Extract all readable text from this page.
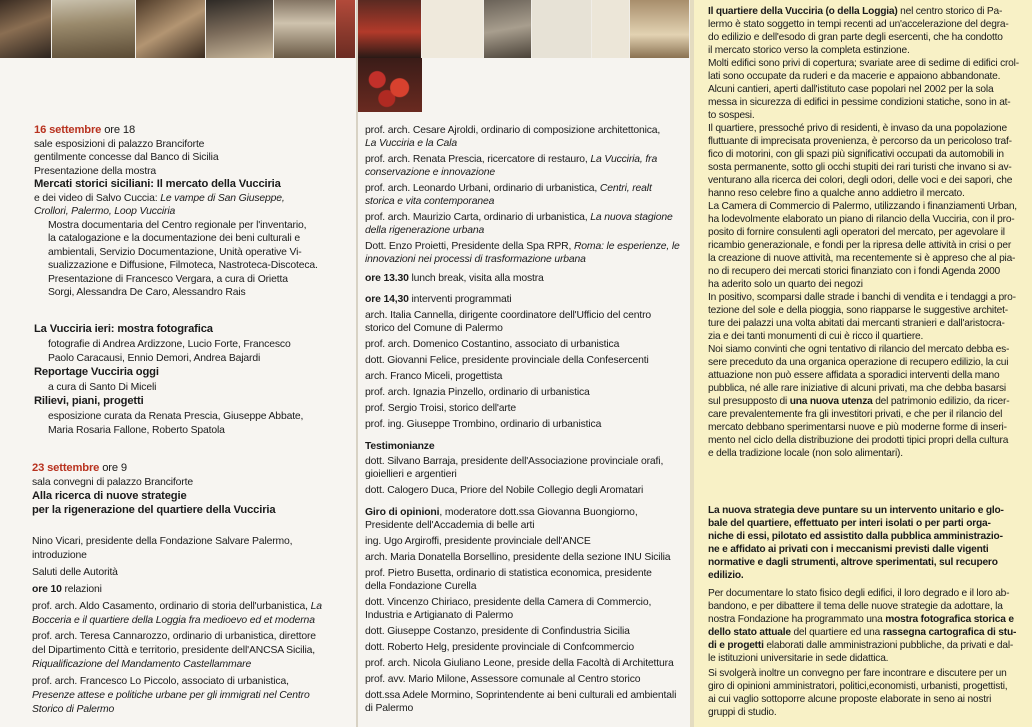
16 settembre ore 18
sale esposizioni di palazzo Branciforte
gentilmente concesse dal Banco di Sicilia
Presentazione della mostra
Mercati storici siciliani: Il mercato della Vucciria
e dei video di Salvo Cuccia: Le vampe di San Giuseppe,
Crollori, Palermo, Loop Vucciria
Mostra documentaria del Centro regionale per l'inventario,
la catalogazione e la documentazione dei beni culturali e
ambientali, Servizio Documentazione, Unità operative Vi-
sualizzazione e Diffusione, Filmoteca, Nastroteca-Discoteca.
Presentazione di Francesco Vergara, a cura di Orietta
Sorgi, Alessandra De Caro, Alessandro Rais
La Vucciria ieri: mostra fotografica
fotografie di Andrea Ardizzone, Lucio Forte, Francesco
Paolo Caracausi, Ennio Demori, Andrea Bajardi
Reportage Vucciria oggi
a cura di Santo Di Miceli
Rilievi, piani, progetti
esposizione curata da Renata Prescia, Giuseppe Abbate,
Maria Rosaria Fallone, Roberto Spatola
23 settembre ore 9
sala convegni di palazzo Branciforte
Alla ricerca di nuove strategie
per la rigenerazione del quartiere della Vucciria
Nino Vicari, presidente della Fondazione Salvare Palermo,
introduzione
Saluti delle Autorità
ore 10 relazioni
prof. arch. Aldo Casamento, ordinario di storia dell'urbanistica, La
Bocceria e il quartiere della Loggia fra medioevo ed et moderna
prof. arch. Teresa Cannarozzo, ordinario di urbanistica, direttore
del Dipartimento Città e territorio, presidente dell'ANCSA Sicilia,
Riqualificazione del Mandamento Castellammare
prof. arch. Francesco Lo Piccolo, associato di urbanistica,
Presenze attese e politiche urbane per gli immigrati nel Centro
Storico di Palermo
prof. arch. Cesare Ajroldi, ordinario di composizione architettonica,
La Vucciria e la Cala
prof. arch. Renata Prescia, ricercatore di restauro, La Vucciria, fra
conservazione e innovazione
prof. arch. Leonardo Urbani, ordinario di urbanistica, Centri, realt
storica e vita contemporanea
prof. arch. Maurizio Carta, ordinario di urbanistica, La nuova stagione
della rigenerazione urbana
Dott. Enzo Proietti, Presidente della Spa RPR, Roma: le esperienze, le
innovazioni nei processi di trasformazione urbana
ore 13.30 lunch break, visita alla mostra
ore 14,30 interventi programmati
arch. Italia Cannella, dirigente coordinatore dell'Ufficio del centro
storico del Comune di Palermo
prof. arch. Domenico Costantino, associato di urbanistica
dott. Giovanni Felice, presidente provinciale della Confesercenti
arch. Franco Miceli, progettista
prof. arch. Ignazia Pinzello, ordinario di urbanistica
prof. Sergio Troisi, storico dell'arte
prof. ing. Giuseppe Trombino, ordinario di urbanistica
Testimonianze
dott. Silvano Barraja, presidente dell'Associazione provinciale orafi,
gioiellieri e argentieri
dott. Calogero Duca, Priore del Nobile Collegio degli Aromatari
Giro di opinioni, moderatore dott.ssa Giovanna Buongiorno,
Presidente dell'Accademia di belle arti
ing. Ugo Argiroffi, presidente provinciale dell'ANCE
arch. Maria Donatella Borsellino, presidente della sezione INU Sicilia
prof. Pietro Busetta, ordinario di statistica economica, presidente
della Fondazione Curella
dott. Vincenzo Chiriaco, presidente della Camera di Commercio,
Industria e Artigianato di Palermo
dott. Giuseppe Costanzo, presidente di Confindustria Sicilia
dott. Roberto Helg, presidente provinciale di Confcommercio
prof. arch. Nicola Giuliano Leone, preside della Facoltà di Architettura
prof. avv. Mario Milone, Assessore comunale al Centro storico
dott.ssa Adele Mormino, Soprintendente ai beni culturali ed ambientali
di Palermo
Il quartiere della Vucciria (o della Loggia) nel centro storico di Pa-
lermo è stato soggetto in tempi recenti ad un'accelerazione del degra-
do edilizio e dell'esodo di gran parte degli esercenti, che ha condotto
il mercato storico verso la completa estinzione.
Molti edifici sono privi di copertura; svariate aree di sedime di edifici crol-
lati sono occupate da ruderi e da macerie e appaiono abbandonate.
Alcuni cantieri, aperti dall'istituto case popolari nel 2002 per la sola
messa in sicurezza di edifici in pessime condizioni statiche, sono in at-
to sospesi.
Il quartiere, pressoché privo di residenti, è invaso da una popolazione
fluttuante di imprecisata provenienza, è percorso da un pericoloso traf-
fico di motorini, con gli spazi più significativi occupati da automobili in
sosta permanente, sotto gli occhi stupiti dei rari turisti che invano si av-
venturano alla ricerca dei colori, degli odori, delle voci e dei sapori, che
hanno reso celebre fino a qualche anno addietro il mercato.
La Camera di Commercio di Palermo, utilizzando i finanziamenti Urban,
ha lodevolmente elaborato un piano di rilancio della Vucciria, con il pro-
posito di fornire consulenti agli operatori del mercato, per agevolare il
ricambio generazionale, e fondi per la ripresa delle attività in crisi o per
la creazione di nuove attività, ma recentemente si è appreso che al pia-
no di recupero dei mercati storici finanziato con i fondi Agenda 2000
ha aderito solo un quarto dei negozi
In positivo, scomparsi dalle strade i banchi di vendita e i tendaggi a pro-
tezione del sole e della pioggia, sono riapparse le suggestive architet-
ture dei palazzi una volta abitati dai mercanti stranieri e dall'aristocra-
zia e dei tanti monumenti di cui è ricco il quartiere.
Noi siamo convinti che ogni tentativo di rilancio del mercato debba es-
sere preceduto da una organica operazione di recupero edilizio, la cui
attuazione non può essere affidata a sporadici interventi della mano
pubblica, né alle rare iniziative di alcuni privati, ma che debba basarsi
sul presupposto di una nuova utenza del patrimonio edilizio, da ricer-
care prevalentemente fra gli investitori privati, e che per il rilancio del
mercato debbano sperimentarsi nuove e più moderne forme di inseri-
mento nel ciclo della distribuzione dei prodotti tipici propri della cultura
e della tradizione locale (non solo alimentari).
La nuova strategia deve puntare su un intervento unitario e glo-
bale del quartiere, effettuato per interi isolati o per parti orga-
niche di essi, pilotato ed assistito dalla pubblica amministrazio-
ne e affidato ai privati con i meccanismi previsti dalle vigenti
normative e dagli strumenti, altrove sperimentati, sul recupero
edilizio.
Per documentare lo stato fisico degli edifici, il loro degrado e il loro ab-
bandono, e per dibattere il tema delle nuove strategie da adottare, la
nostra Fondazione ha programmato una mostra fotografica storica e
dello stato attuale del quartiere ed una rassegna cartografica di stu-
di e progetti elaborati dalle amministrazioni pubbliche, da privati e dal-
le istituzioni universitarie in sede didattica.
Si svolgerà inoltre un convegno per fare incontrare e discutere per un
giro di opinioni amministratori, politici,economisti, urbanisti, progettisti,
ai cui vaglio sottoporre alcune proposte elaborate in seno ai nostri
gruppi di studio.
